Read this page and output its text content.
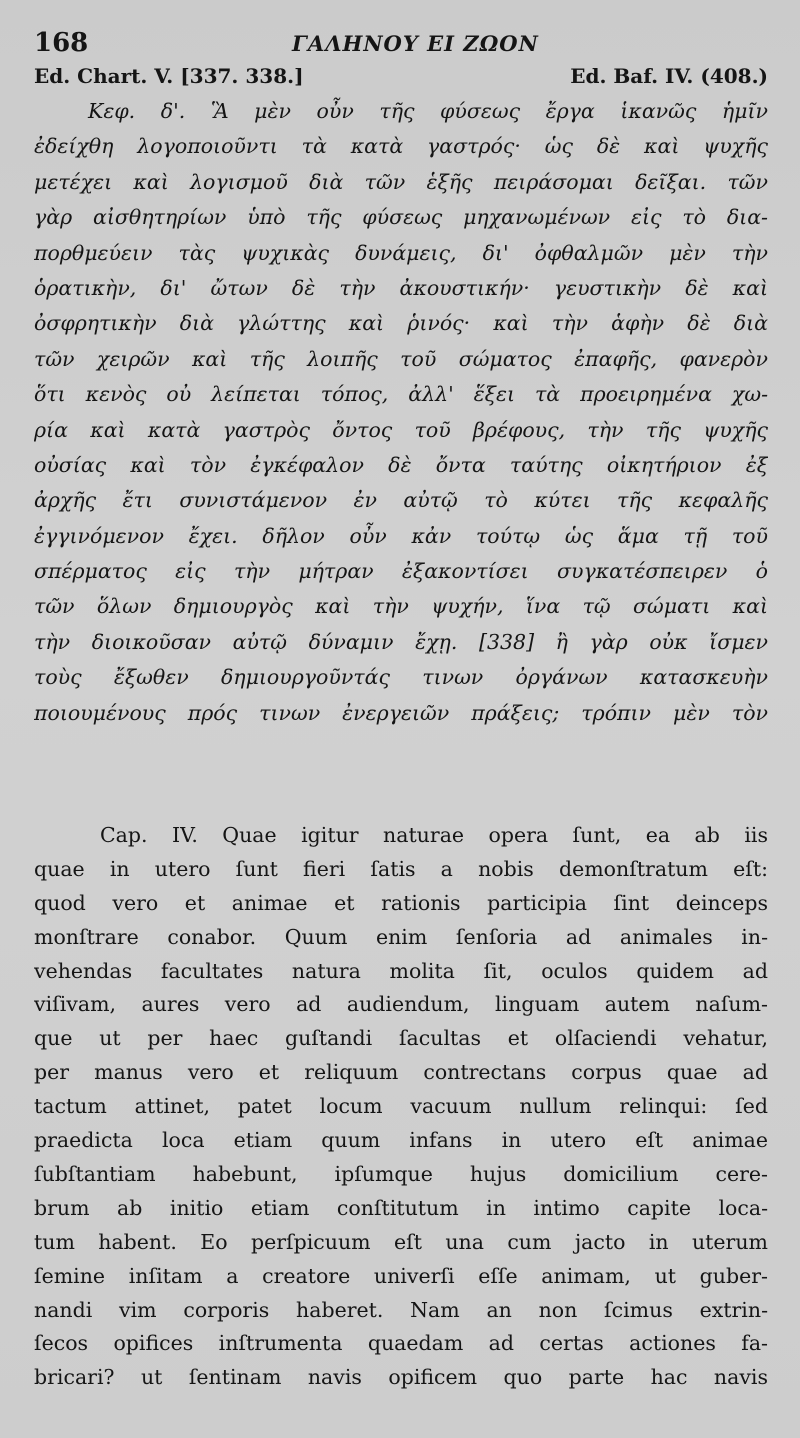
168	ΓΑΛΗΝΟΥ ΕΙ ΖΩΟΝ
Ed. Chart. V. [337. 338.]	Ed. Baf. IV. (408.)
Κεφ. δ'. Ἃ μὲν οὖν τῆς φύσεως ἔργα ἱκανῶς ἡμῖν
ἐδείχθη λογοποιοῦντι τὰ κατὰ γαστρός· ὡς δὲ καὶ ψυχῆς
μετέχει καὶ λογισμοῦ διὰ τῶν ἑξῆς πειράσομαι δεῖξαι. τῶν
γὰρ αἰσθητηρίων ὑπὸ τῆς φύσεως μηχανωμένων εἰς τὸ δια-
πορθμεύειν τὰς ψυχικὰς δυνάμεις, δι' ὀφθαλμῶν μὲν τὴν
ὁρατικὴν, δι' ὤτων δὲ τὴν ἀκουστικήν· γευστικὴν δὲ καὶ
ὀσφρητικὴν διὰ γλώττης καὶ ῥινός· καὶ τὴν ἁφὴν δὲ διὰ
τῶν χειρῶν καὶ τῆς λοιπῆς τοῦ σώματος ἐπαφῆς, φανερὸν
ὅτι κενὸς οὐ λείπεται τόπος, ἀλλ' ἕξει τὰ προειρημένα χω-
ρία καὶ κατὰ γαστρὸς ὄντος τοῦ βρέφους, τὴν τῆς ψυχῆς
οὐσίας καὶ τὸν ἐγκέφαλον δὲ ὄντα ταύτης οἰκητήριον ἐξ
ἀρχῆς ἔτι συνιστάμενον ἐν αὐτῷ τὸ κύτει τῆς κεφαλῆς
ἐγγινόμενον ἔχει. δῆλον οὖν κἀν τούτῳ ὡς ἅμα τῇ τοῦ
σπέρματος εἰς τὴν μήτραν ἐξακοντίσει συγκατέσπειρεν ὁ
τῶν ὅλων δημιουργὸς καὶ τὴν ψυχήν, ἵνα τῷ σώματι καὶ
τὴν διοικοῦσαν αὐτῷ δύναμιν ἔχῃ. [338] ἢ γὰρ οὐκ ἴσμεν
τοὺς ἔξωθεν δημιουργοῦντάς τινων ὀργάνων κατασκευὴν
ποιουμένους πρός τινων ἐνεργειῶν πράξεις; τρόπιν μὲν τὸν
Cap. IV. Quae igitur naturae opera ſunt, ea ab iis
quae in utero ſunt fieri ſatis a nobis demonſtratum eſt:
quod vero et animae et rationis participia ſint deinceps
monſtrare conabor. Quum enim ſenſoria ad animales in-
vehendas facultates natura molita ſit, oculos quidem ad
viſivam, aures vero ad audiendum, linguam autem naſum-
que ut per haec guſtandi ſacultas et olſaciendi vehatur,
per manus vero et reliquum contrectans corpus quae ad
tactum attinet, patet locum vacuum nullum relinqui: ſed
praedicta loca etiam quum infans in utero eſt animae
ſubſtantiam habebunt, ipſumque hujus domicilium cere-
brum ab initio etiam conſtitutum in intimo capite loca-
tum habent. Eo perſpicuum eſt una cum jacto in uterum
ſemine inſitam a creatore univerſi eſſe animam, ut guber-
nandi vim corporis haberet. Nam an non ſcimus extrin-
ſecos opifices inſtrumenta quaedam ad certas actiones fa-
bricari? ut ſentinam navis opificem quo parte hac navis
